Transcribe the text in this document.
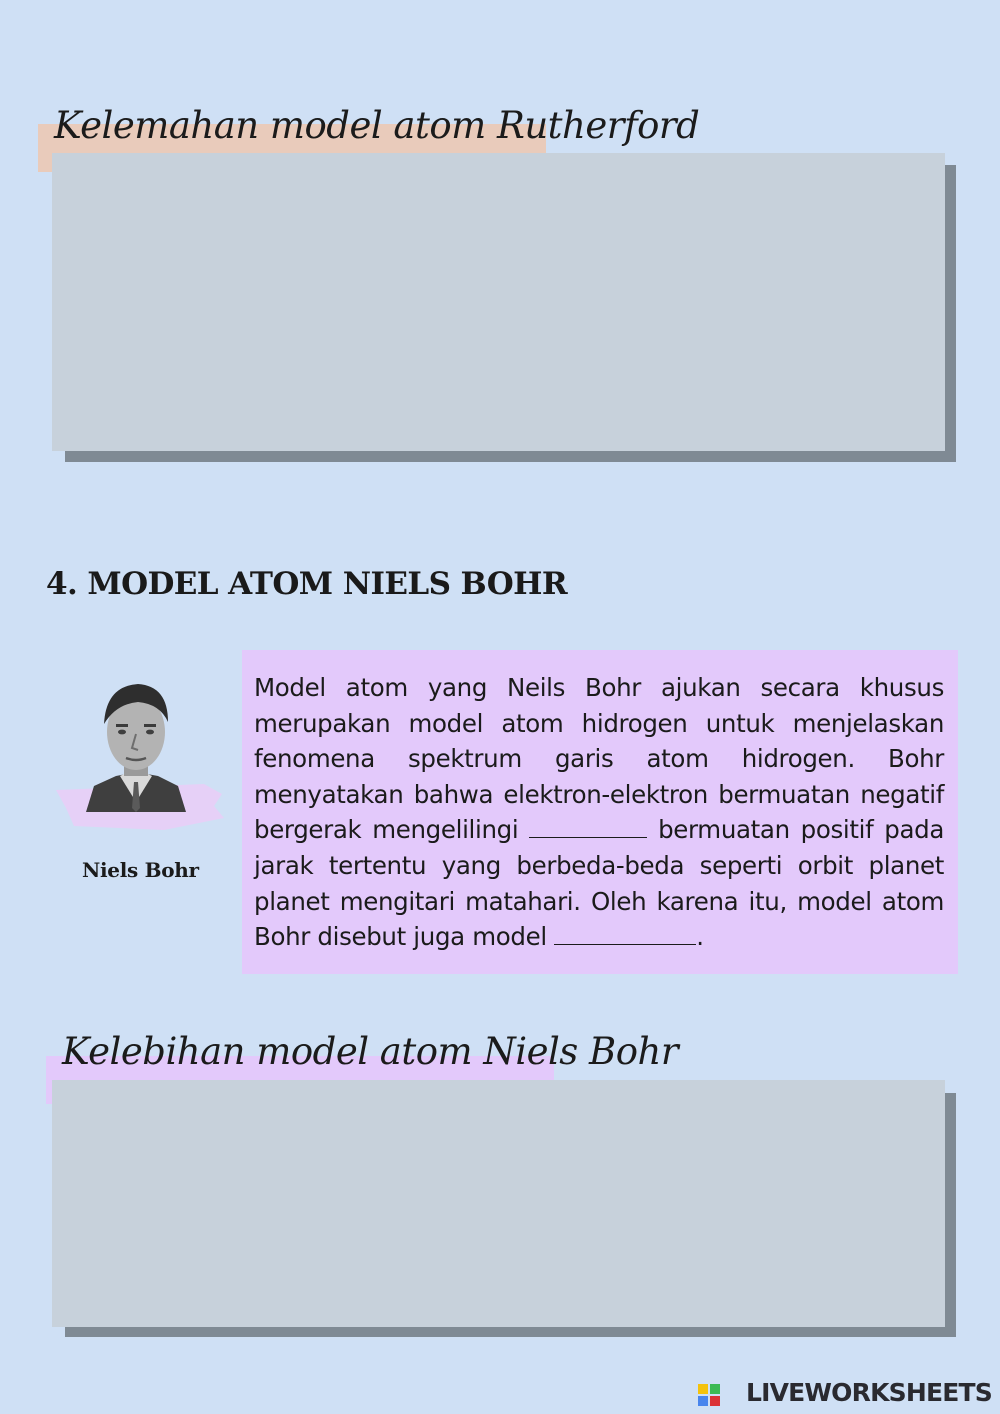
Kelemahan model atom Rutherford
4. MODEL ATOM NIELS BOHR
Niels Bohr

Model atom yang Neils Bohr ajukan secara khusus merupakan model atom hidrogen untuk menjelaskan fenomena spektrum garis atom hidrogen. Bohr menyatakan bahwa elektron-elektron bermuatan negatif bergerak mengelilingi	bermuatan positif pada jarak tertentu yang berbeda-beda seperti orbit planet planet mengitari matahari. Oleh karena itu, model atom Bohr disebut juga model	.

Kelebihan model atom Niels Bohr
LIVEWORKSHEETS
